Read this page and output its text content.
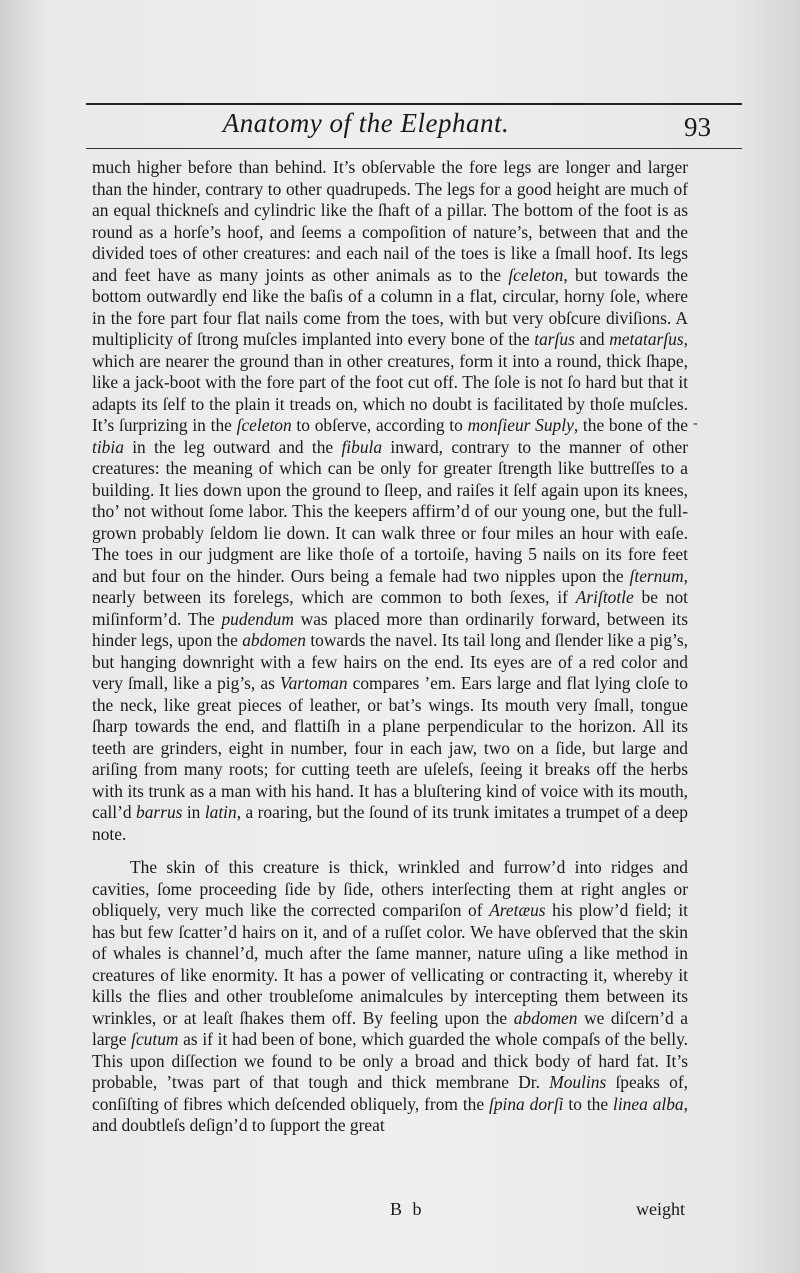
Anatomy of the Elephant.	93

much higher before than behind. It’s obſervable the fore legs are longer and larger than the hinder, contrary to other quadrupeds. The legs for a good height are much of an equal thickneſs and cylindric like the ſhaft of a pillar. The bottom of the foot is as round as a horſe’s hoof, and ſeems a compoſition of nature’s, between that and the divided toes of other creatures: and each nail of the toes is like a ſmall hoof. Its legs and feet have as many joints as other animals as to the ſceleton, but towards the bottom outwardly end like the baſis of a column in a flat, circular, horny ſole, where in the fore part four flat nails come from the toes, with but very obſcure diviſions. A multiplicity of ſtrong muſcles implanted into every bone of the tarſus and metatarſus, which are nearer the ground than in other creatures, form it into a round, thick ſhape, like a jack-boot with the fore part of the foot cut off. The ſole is not ſo hard but that it adapts its ſelf to the plain it treads on, which no doubt is facilitated by thoſe muſcles. It’s ſurprizing in the ſceleton to obſerve, according to monſieur Suply, the bone of the tibia in the leg outward and the fibula inward, contrary to the manner of other creatures: the meaning of which can be only for greater ſtrength like buttreſſes to a building. It lies down upon the ground to ſleep, and raiſes it ſelf again upon its knees, tho’ not without ſome labor. This the keepers affirm’d of our young one, but the full-grown probably ſeldom lie down. It can walk three or four miles an hour with eaſe. The toes in our judgment are like thoſe of a tortoiſe, having 5 nails on its fore feet and but four on the hinder. Ours being a female had two nipples upon the ſternum, nearly between its forelegs, which are common to both ſexes, if Ariſtotle be not miſinform’d. The pudendum was placed more than ordinarily forward, between its hinder legs, upon the abdomen towards the navel. Its tail long and ſlender like a pig’s, but hanging downright with a few hairs on the end. Its eyes are of a red color and very ſmall, like a pig’s, as Vartoman compares ’em. Ears large and flat lying cloſe to the neck, like great pieces of leather, or bat’s wings. Its mouth very ſmall, tongue ſharp towards the end, and flattiſh in a plane perpendicular to the horizon. All its teeth are grinders, eight in number, four in each jaw, two on a ſide, but large and ariſing from many roots; for cutting teeth are uſeleſs, ſeeing it breaks off the herbs with its trunk as a man with his hand. It has a bluſtering kind of voice with its mouth, call’d barrus in latin, a roaring, but the ſound of its trunk imitates a trumpet of a deep note.

The skin of this creature is thick, wrinkled and furrow’d into ridges and cavities, ſome proceeding ſide by ſide, others interſecting them at right angles or obliquely, very much like the corrected compariſon of Aretæus his plow’d field; it has but few ſcatter’d hairs on it, and of a ruſſet color. We have obſerved that the skin of whales is channel’d, much after the ſame manner, nature uſing a like method in creatures of like enormity. It has a power of vellicating or contracting it, whereby it kills the flies and other troubleſome animalcules by intercepting them between its wrinkles, or at leaſt ſhakes them off. By feeling upon the abdomen we diſcern’d a large ſcutum as if it had been of bone, which guarded the whole compaſs of the belly. This upon diſſection we found to be only a broad and thick body of hard fat. It’s probable, ’twas part of that tough and thick membrane Dr. Moulins ſpeaks of, conſiſting of fibres which deſcended obliquely, from the ſpina dorſi to the linea alba, and doubtleſs deſign’d to ſupport the great

-
B b	weight
